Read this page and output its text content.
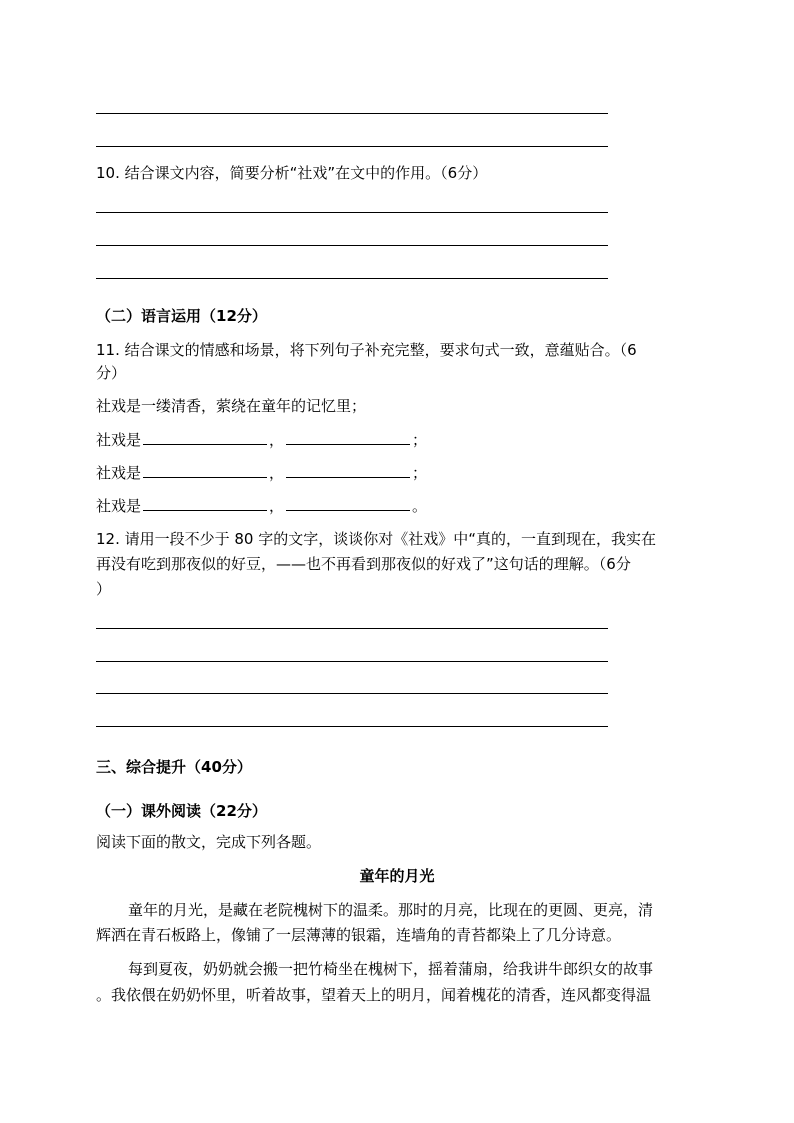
10. 结合课文内容，简要分析“社戏”在文中的作用。（6分）
（二）语言运用（12分）
11. 结合课文的情感和场景，将下列句子补充完整，要求句式一致，意蕴贴合。（6
分）
社戏是一缕清香，萦绕在童年的记忆里；
社戏是	，	；
社戏是	，	；
社戏是	，	。
12. 请用一段不少于 80 字的文字，谈谈你对《社戏》中“真的，一直到现在，我实在
再没有吃到那夜似的好豆，——也不再看到那夜似的好戏了”这句话的理解。（6分
）
三、综合提升（40分）
（一）课外阅读（22分）
阅读下面的散文，完成下列各题。
童年的月光
童年的月光，是藏在老院槐树下的温柔。那时的月亮，比现在的更圆、更亮，清
辉洒在青石板路上，像铺了一层薄薄的银霜，连墙角的青苔都染上了几分诗意。
每到夏夜，奶奶就会搬一把竹椅坐在槐树下，摇着蒲扇，给我讲牛郎织女的故事
。我依偎在奶奶怀里，听着故事，望着天上的明月，闻着槐花的清香，连风都变得温
